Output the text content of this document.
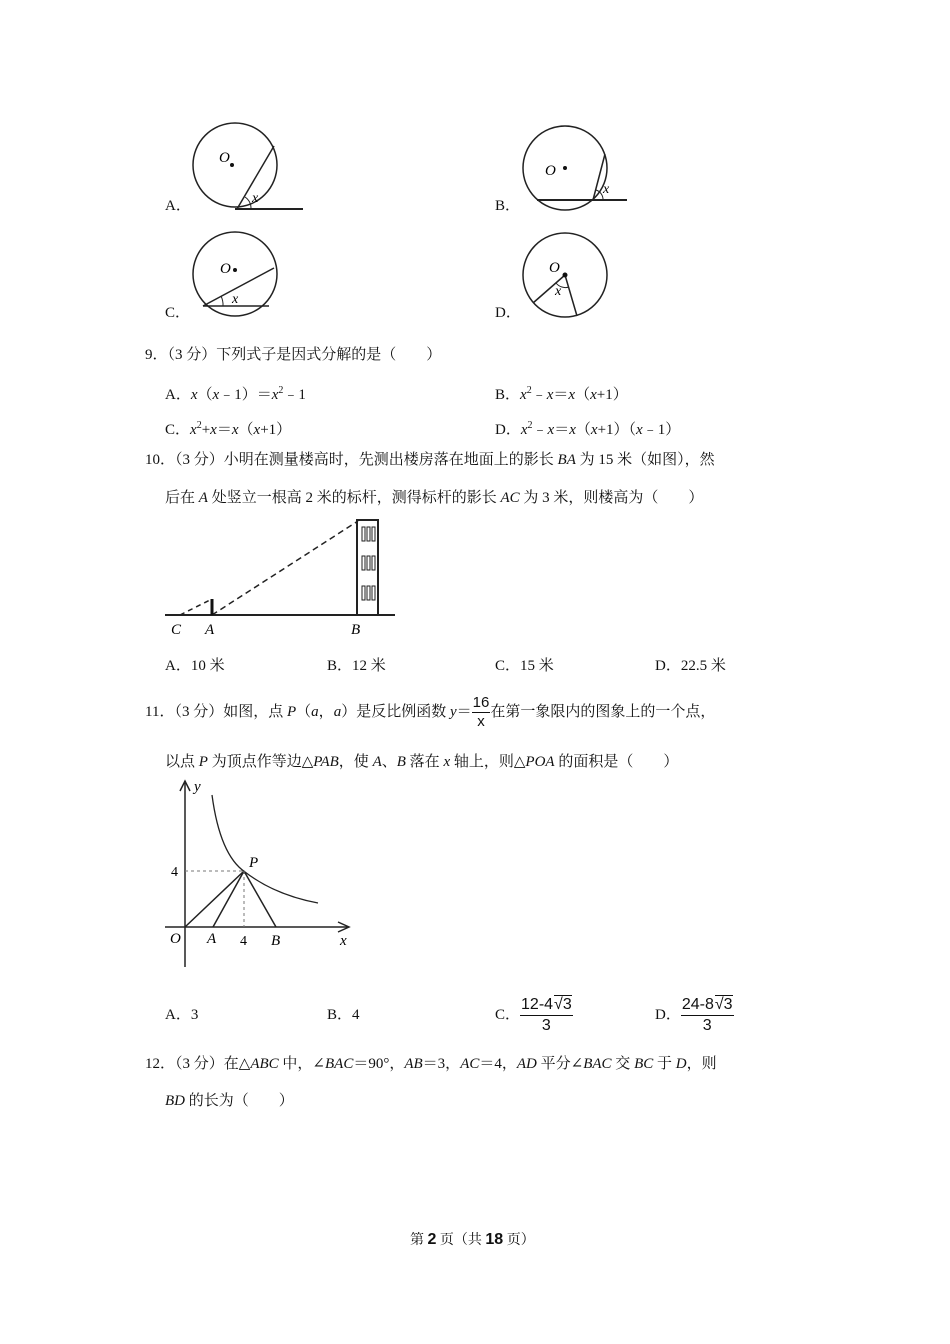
O
x
A．
O
x
B．
O
x
C．
O
x
D．
9．（3 分）下列式子是因式分解的是（　　）
A．$x(x﹣1)=x^2﹣1$	B．$x^2﹣x=x(x+1)$
C．$x^2+x=x(x+1)$	D．$x^2﹣x=x(x+1)(x﹣1)$
10．（3 分）小明在测量楼高时，先测出楼房落在地面上的影长 BA 为 15 米（如图），然
后在 A 处竖立一根高 2 米的标杆，测得标杆的影长 AC 为 3 米，则楼高为（　　）
C A	B
A．10 米	B．12 米	C．15 米	D．22.5 米
11．（3 分）如图，点 P（a，a）是反比例函数 $y= \frac{16}{x}$ 在第一象限内的图象上的一个点，
以点 P 为顶点作等边△PAB，使 A、B 落在 x 轴上，则△POA 的面积是（　　）
y
x
O A 4 B
P
4
A．3	B．4	C． $\frac{12-4√3}{3}$	D． $\frac{24-8√3}{3}$
12．（3 分）在△ABC 中，∠BAC＝90°，AB＝3，AC＝4，AD 平分∠BAC 交 BC 于 D，则
BD 的长为（　　）
第 2 页（共 18 页）
